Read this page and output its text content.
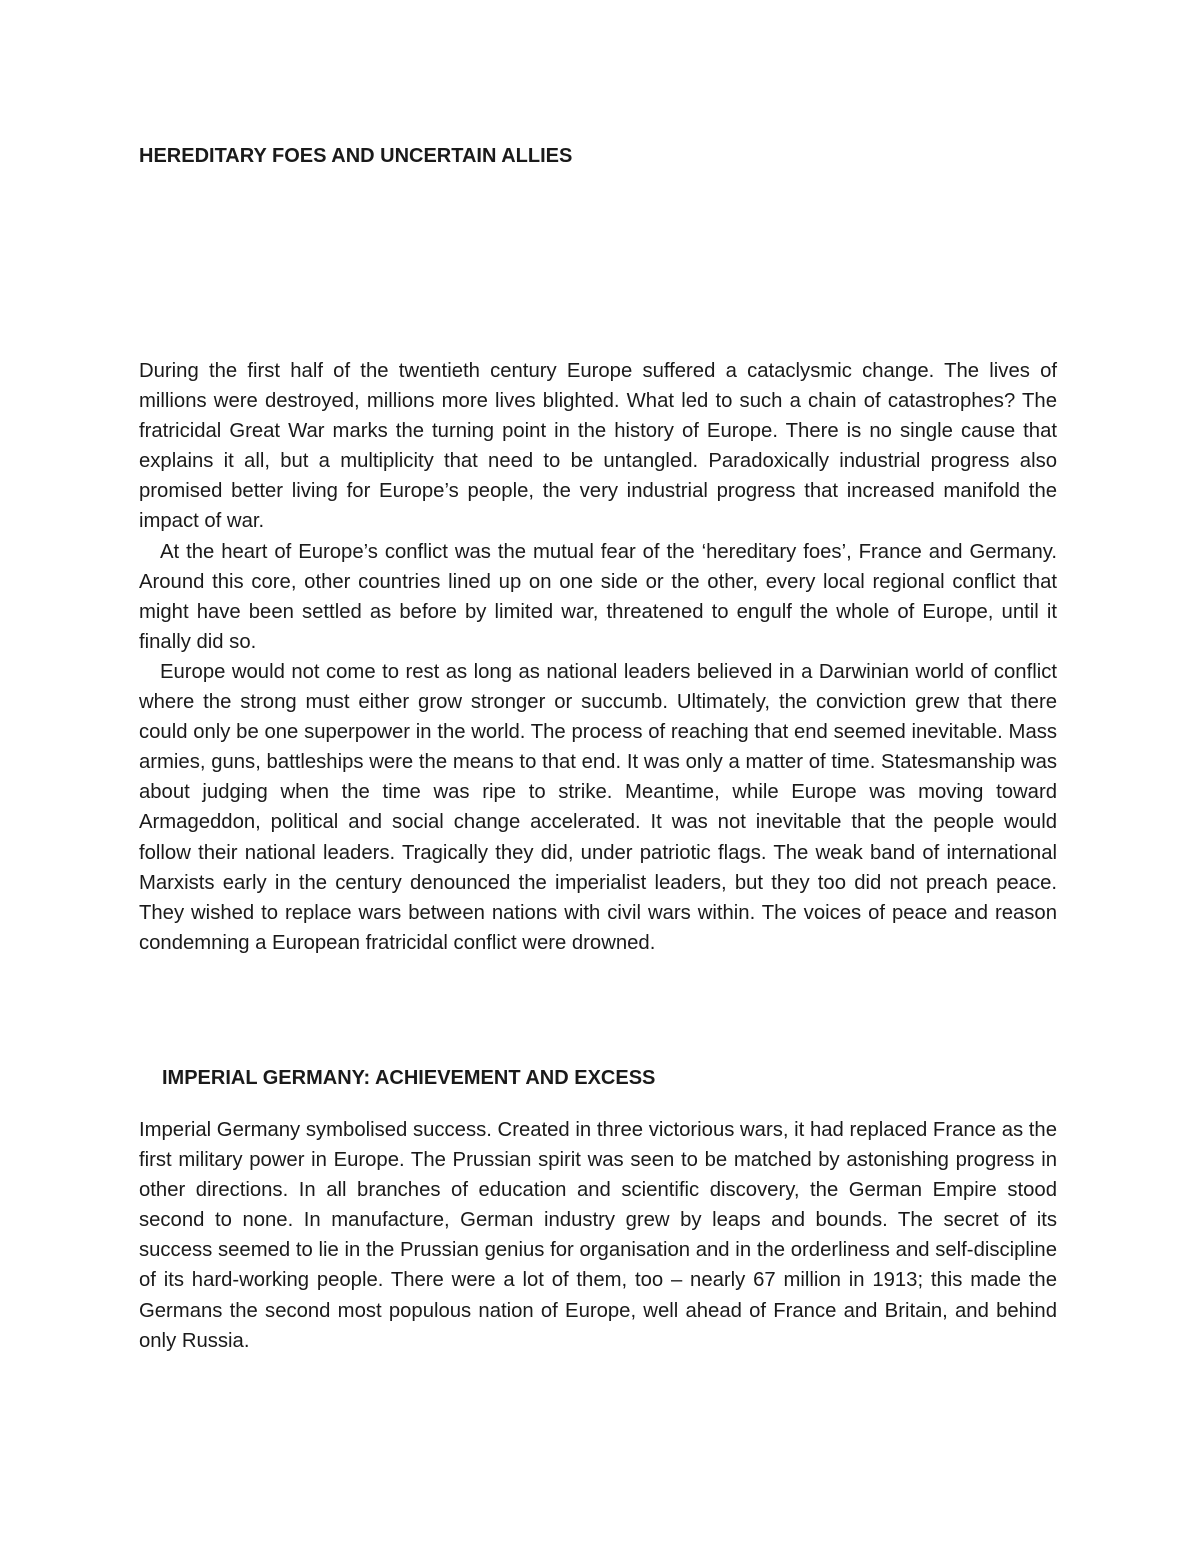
HEREDITARY FOES AND UNCERTAIN ALLIES

During the first half of the twentieth century Europe suffered a cataclysmic change. The lives of millions were destroyed, millions more lives blighted. What led to such a chain of catastrophes? The fratricidal Great War marks the turning point in the history of Europe. There is no single cause that explains it all, but a multiplicity that need to be untangled. Paradoxically industrial progress also promised better living for Europe’s people, the very industrial progress that increased manifold the impact of war.

At the heart of Europe’s conflict was the mutual fear of the ‘hereditary foes’, France and Germany. Around this core, other countries lined up on one side or the other, every local regional conflict that might have been settled as before by limited war, threatened to engulf the whole of Europe, until it finally did so.

Europe would not come to rest as long as national leaders believed in a Darwinian world of conflict where the strong must either grow stronger or succumb. Ultimately, the conviction grew that there could only be one superpower in the world. The process of reaching that end seemed inevitable. Mass armies, guns, battleships were the means to that end. It was only a matter of time. Statesmanship was about judging when the time was ripe to strike. Meantime, while Europe was moving toward Armageddon, political and social change accelerated. It was not inevitable that the people would follow their national leaders. Tragically they did, under patriotic flags. The weak band of international Marxists early in the century denounced the imperialist leaders, but they too did not preach peace. They wished to replace wars between nations with civil wars within. The voices of peace and reason condemning a European fratricidal conflict were drowned.

IMPERIAL GERMANY: ACHIEVEMENT AND EXCESS

Imperial Germany symbolised success. Created in three victorious wars, it had replaced France as the first military power in Europe. The Prussian spirit was seen to be matched by astonishing progress in other directions. In all branches of education and scientific discovery, the German Empire stood second to none. In manufacture, German industry grew by leaps and bounds. The secret of its success seemed to lie in the Prussian genius for organisation and in the orderliness and self-discipline of its hard-working people. There were a lot of them, too – nearly 67 million in 1913; this made the Germans the second most populous nation of Europe, well ahead of France and Britain, and behind only Russia.
